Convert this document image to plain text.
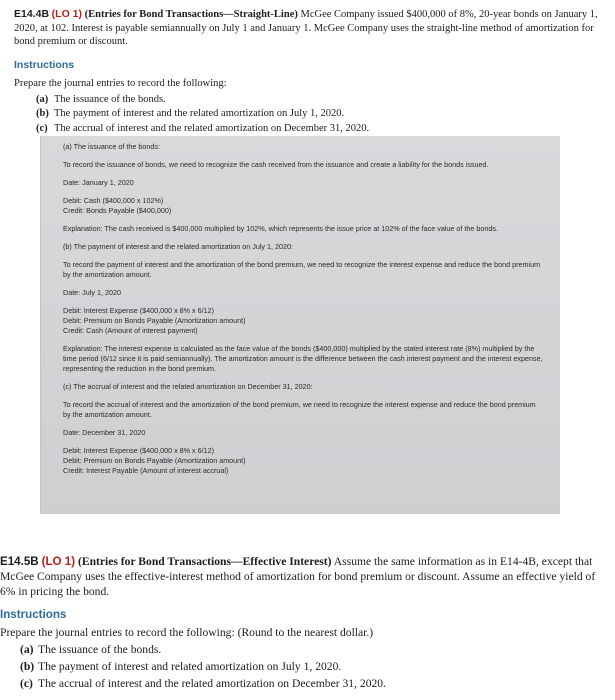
E14.4B (LO 1) (Entries for Bond Transactions—Straight-Line) McGee Company issued $400,000 of 8%, 20-year bonds on January 1, 2020, at 102. Interest is payable semiannually on July 1 and January 1. McGee Company uses the straight-line method of amortization for bond premium or discount.
Instructions
Prepare the journal entries to record the following:
(a) The issuance of the bonds.
(b) The payment of interest and the related amortization on July 1, 2020.
(c) The accrual of interest and the related amortization on December 31, 2020.

(a) The issuance of the bonds:

To record the issuance of bonds, we need to recognize the cash received from the issuance and create a liability for the bonds issued.

Date: January 1, 2020

Debit: Cash ($400,000 x 102%)

Credit: Bonds Payable ($400,000)

Explanation: The cash received is $400,000 multiplied by 102%, which represents the issue price at 102% of the face value of the bonds.

(b) The payment of interest and the related amortization on July 1, 2020:

To record the payment of interest and the amortization of the bond premium, we need to recognize the interest expense and reduce the bond premium by the amortization amount.

Date: July 1, 2020

Debit: Interest Expense ($400,000 x 8% x 6/12)

Debit: Premium on Bonds Payable (Amortization amount)

Credit: Cash (Amount of interest payment)

Explanation: The interest expense is calculated as the face value of the bonds ($400,000) multiplied by the stated interest rate (8%) multiplied by the time period (6/12 since it is paid semiannually). The amortization amount is the difference between the cash interest payment and the interest expense, representing the reduction in the bond premium.

(c) The accrual of interest and the related amortization on December 31, 2020:

To record the accrual of interest and the amortization of the bond premium, we need to recognize the interest expense and reduce the bond premium by the amortization amount.

Date: December 31, 2020

Debit: Interest Expense ($400,000 x 8% x 6/12)

Debit: Premium on Bonds Payable (Amortization amount)

Credit: Interest Payable (Amount of interest accrual)

E14.5B (LO 1) (Entries for Bond Transactions—Effective Interest) Assume the same information as in E14-4B, except that McGee Company uses the effective-interest method of amortization for bond premium or discount. Assume an effective yield of 6% in pricing the bond.
Instructions
Prepare the journal entries to record the following: (Round to the nearest dollar.)
(a) The issuance of the bonds.
(b) The payment of interest and related amortization on July 1, 2020.
(c) The accrual of interest and the related amortization on December 31, 2020.
